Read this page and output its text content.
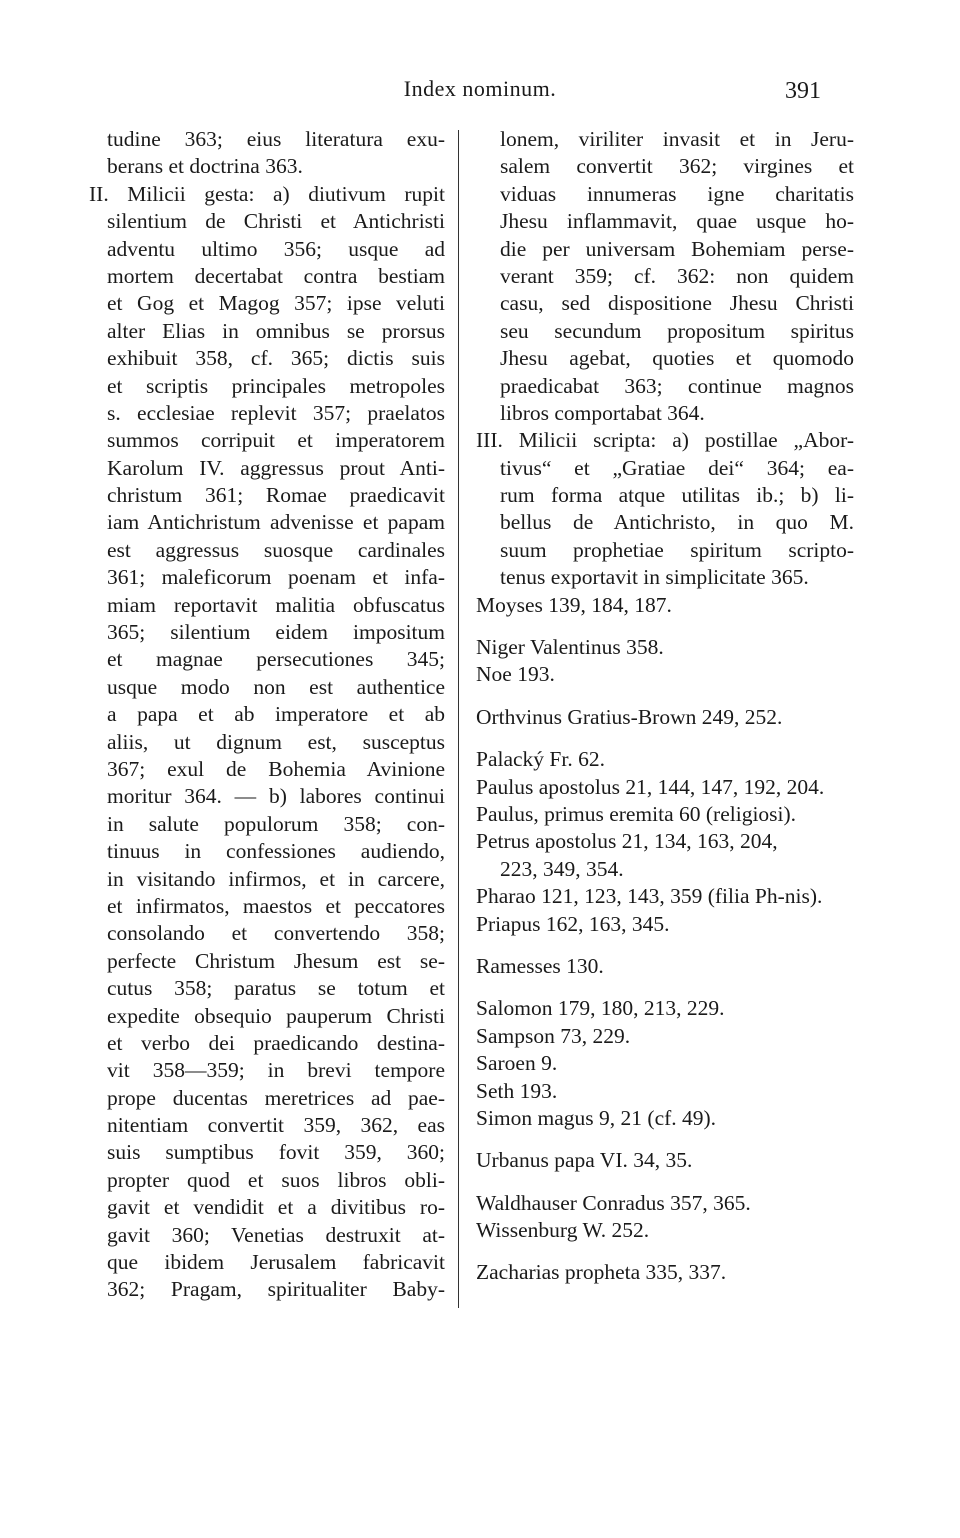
Index nominum.	391
tudine 363; eius literatura exu-
berans et doctrina 363.
II. Milicii gesta: a) diutivum rupit
silentium de Christi et Antichristi
adventu ultimo 356; usque ad
mortem decertabat contra bestiam
et Gog et Magog 357; ipse veluti
alter Elias in omnibus se prorsus
exhibuit 358, cf. 365; dictis suis
et scriptis principales metropoles
s. ecclesiae replevit 357; praelatos
summos corripuit et imperatorem
Karolum IV. aggressus prout Anti-
christum 361; Romae praedicavit
iam Antichristum advenisse et papam
est aggressus suosque cardinales
361; maleficorum poenam et infa-
miam reportavit malitia obfuscatus
365; silentium eidem impositum
et magnae persecutiones 345;
usque modo non est authentice
a papa et ab imperatore et ab
aliis, ut dignum est, susceptus
367; exul de Bohemia Avinione
moritur 364. — b) labores continui
in salute populorum 358; con-
tinuus in confessiones audiendo,
in visitando infirmos, et in carcere,
et infirmatos, maestos et peccatores
consolando et convertendo 358;
perfecte Christum Jhesum est se-
cutus 358; paratus se totum et
expedite obsequio pauperum Christi
et verbo dei praedicando destina-
vit 358—359; in brevi tempore
prope ducentas meretrices ad pae-
nitentiam convertit 359, 362, eas
suis sumptibus fovit 359, 360;
propter quod et suos libros obli-
gavit et vendidit et a divitibus ro-
gavit 360; Venetias destruxit at-
que ibidem Jerusalem fabricavit
362; Pragam, spiritualiter Baby-
lonem, viriliter invasit et in Jeru-
salem convertit 362; virgines et
viduas innumeras igne charitatis
Jhesu inflammavit, quae usque ho-
die per universam Bohemiam perse-
verant 359; cf. 362: non quidem
casu, sed dispositione Jhesu Christi
seu secundum propositum spiritus
Jhesu agebat, quoties et quomodo
praedicabat 363; continue magnos
libros comportabat 364.
III. Milicii scripta: a) postillae „Abor-
tivus“ et „Gratiae dei“ 364; ea-
rum forma atque utilitas ib.; b) li-
bellus de Antichristo, in quo M.
suum prophetiae spiritum scripto-
tenus exportavit in simplicitate 365.
Moyses 139, 184, 187.
Niger Valentinus 358.
Noe 193.
Orthvinus Gratius-Brown 249, 252.
Palacký Fr. 62.
Paulus apostolus 21, 144, 147, 192, 204.
Paulus, primus eremita 60 (religiosi).
Petrus apostolus 21, 134, 163, 204,
223, 349, 354.
Pharao 121, 123, 143, 359 (filia Ph-nis).
Priapus 162, 163, 345.
Ramesses 130.
Salomon 179, 180, 213, 229.
Sampson 73, 229.
Saroen 9.
Seth 193.
Simon magus 9, 21 (cf. 49).
Urbanus papa VI. 34, 35.
Waldhauser Conradus 357, 365.
Wissenburg W. 252.
Zacharias propheta 335, 337.
